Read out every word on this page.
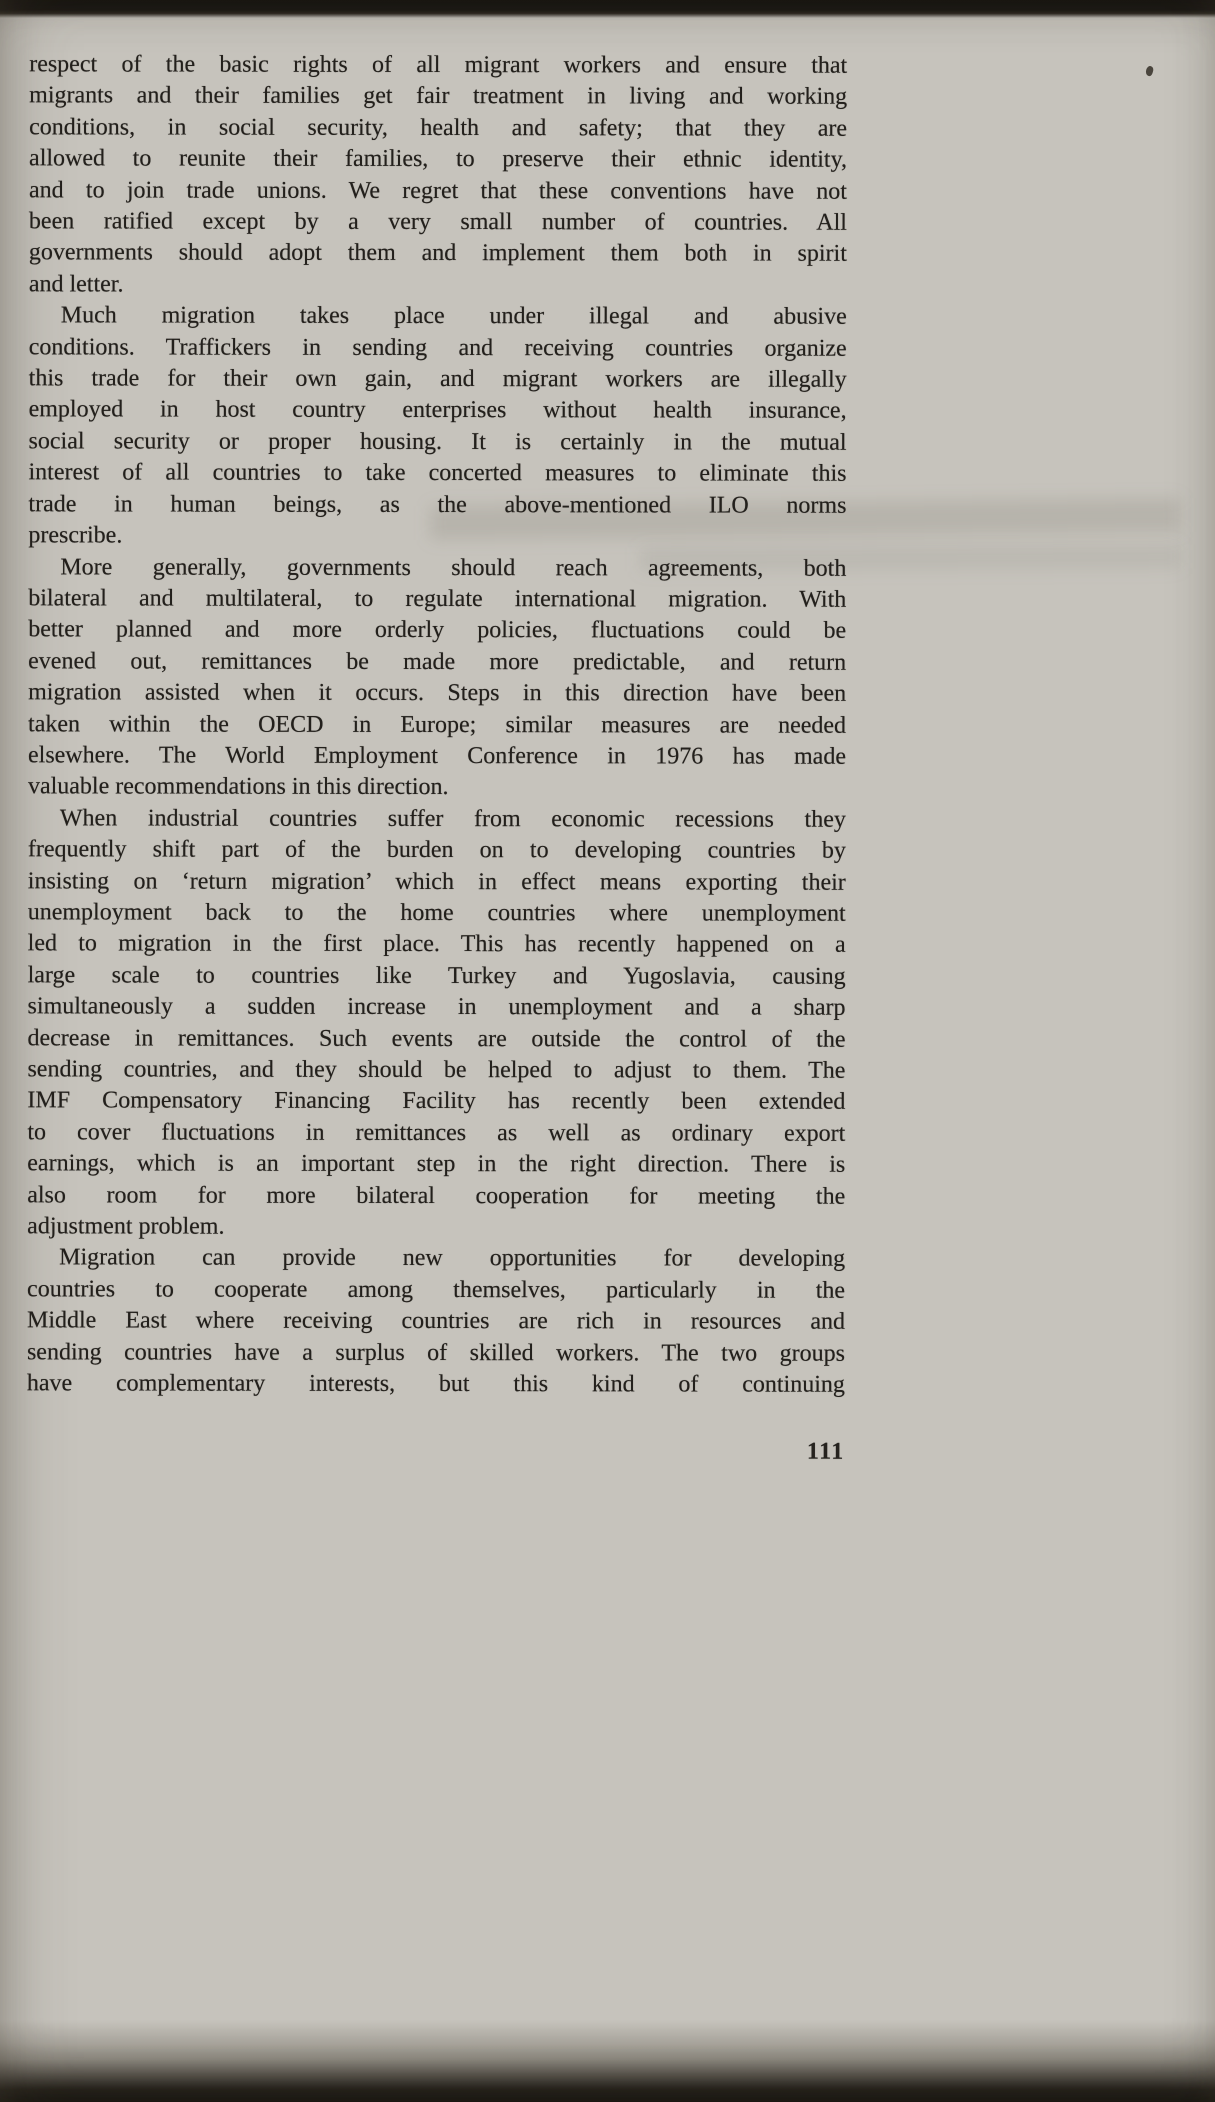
respect of the basic rights of all migrant workers and ensure that
migrants and their families get fair treatment in living and working
conditions, in social security, health and safety; that they are
allowed to reunite their families, to preserve their ethnic identity,
and to join trade unions. We regret that these conventions have not
been ratified except by a very small number of countries. All
governments should adopt them and implement them both in spirit
and letter.
Much migration takes place under illegal and abusive
conditions. Traffickers in sending and receiving countries organize
this trade for their own gain, and migrant workers are illegally
employed in host country enterprises without health insurance,
social security or proper housing. It is certainly in the mutual
interest of all countries to take concerted measures to eliminate this
trade in human beings, as the above-mentioned ILO norms
prescribe.
More generally, governments should reach agreements, both
bilateral and multilateral, to regulate international migration. With
better planned and more orderly policies, fluctuations could be
evened out, remittances be made more predictable, and return
migration assisted when it occurs. Steps in this direction have been
taken within the OECD in Europe; similar measures are needed
elsewhere. The World Employment Conference in 1976 has made
valuable recommendations in this direction.
When industrial countries suffer from economic recessions they
frequently shift part of the burden on to developing countries by
insisting on ‘return migration’ which in effect means exporting their
unemployment back to the home countries where unemployment
led to migration in the first place. This has recently happened on a
large scale to countries like Turkey and Yugoslavia, causing
simultaneously a sudden increase in unemployment and a sharp
decrease in remittances. Such events are outside the control of the
sending countries, and they should be helped to adjust to them. The
IMF Compensatory Financing Facility has recently been extended
to cover fluctuations in remittances as well as ordinary export
earnings, which is an important step in the right direction. There is
also room for more bilateral cooperation for meeting the
adjustment problem.
Migration can provide new opportunities for developing
countries to cooperate among themselves, particularly in the
Middle East where receiving countries are rich in resources and
sending countries have a surplus of skilled workers. The two groups
have complementary interests, but this kind of continuing
111
